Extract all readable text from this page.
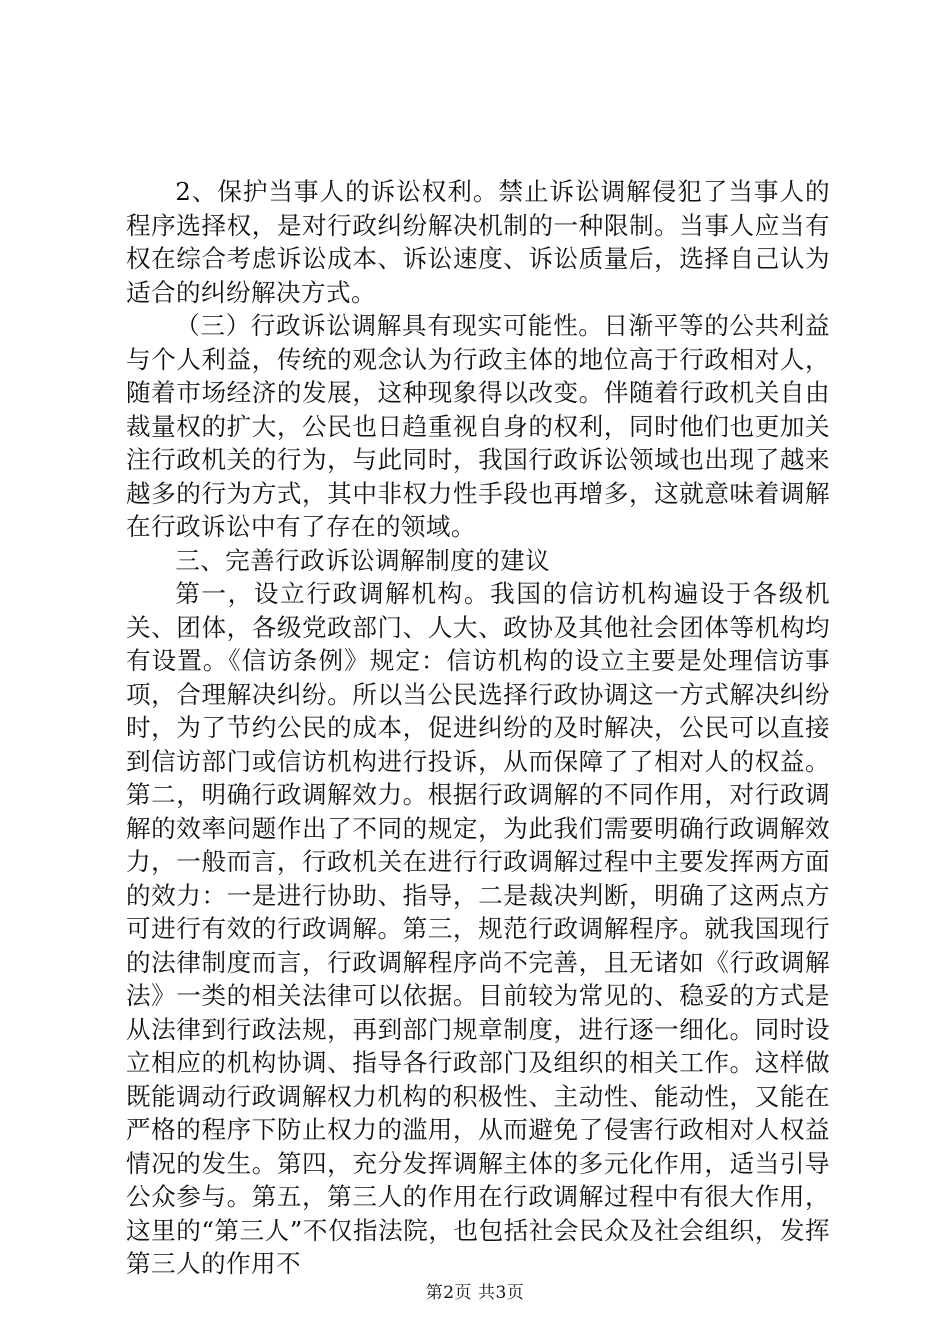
2、保护当事人的诉讼权利。禁止诉讼调解侵犯了当事人的程序选择权，是对行政纠纷解决机制的一种限制。当事人应当有权在综合考虑诉讼成本、诉讼速度、诉讼质量后，选择自己认为适合的纠纷解决方式。

（三）行政诉讼调解具有现实可能性。日渐平等的公共利益与个人利益，传统的观念认为行政主体的地位高于行政相对人，随着市场经济的发展，这种现象得以改变。伴随着行政机关自由裁量权的扩大，公民也日趋重视自身的权利，同时他们也更加关注行政机关的行为，与此同时，我国行政诉讼领域也出现了越来越多的行为方式，其中非权力性手段也再增多，这就意味着调解在行政诉讼中有了存在的领域。

三、完善行政诉讼调解制度的建议

第一，设立行政调解机构。我国的信访机构遍设于各级机关、团体，各级党政部门、人大、政协及其他社会团体等机构均有设置。《信访条例》规定：信访机构的设立主要是处理信访事项，合理解决纠纷。所以当公民选择行政协调这一方式解决纠纷时，为了节约公民的成本，促进纠纷的及时解决，公民可以直接到信访部门或信访机构进行投诉，从而保障了了相对人的权益。第二，明确行政调解效力。根据行政调解的不同作用，对行政调解的效率问题作出了不同的规定，为此我们需要明确行政调解效力，一般而言，行政机关在进行行政调解过程中主要发挥两方面的效力：一是进行协助、指导，二是裁决判断，明确了这两点方可进行有效的行政调解。第三，规范行政调解程序。就我国现行的法律制度而言，行政调解程序尚不完善，且无诸如《行政调解法》一类的相关法律可以依据。目前较为常见的、稳妥的方式是从法律到行政法规，再到部门规章制度，进行逐一细化。同时设立相应的机构协调、指导各行政部门及组织的相关工作。这样做既能调动行政调解权力机构的积极性、主动性、能动性，又能在严格的程序下防止权力的滥用，从而避免了侵害行政相对人权益情况的发生。第四，充分发挥调解主体的多元化作用，适当引导公众参与。第五，第三人的作用在行政调解过程中有很大作用，这里的“第三人”不仅指法院，也包括社会民众及社会组织，发挥第三人的作用不

第2页 共3页
